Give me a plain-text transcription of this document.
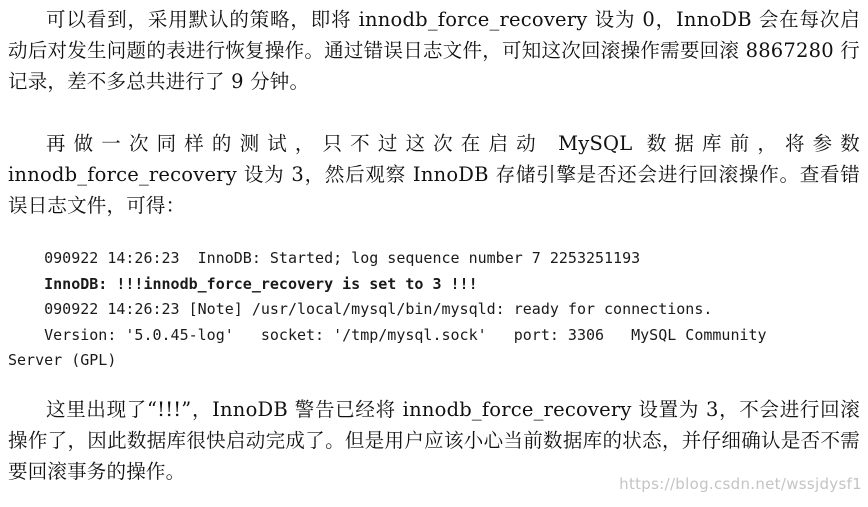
可以看到，采用默认的策略，即将 innodb_force_recovery 设为 0，InnoDB 会在每次启动后对发生问题的表进行恢复操作。通过错误日志文件，可知这次回滚操作需要回滚 8867280 行记录，差不多总共进行了 9 分钟。

再做一次同样的测试，只不过这次在启动 MySQL 数据库前，将参数 innodb_force_recovery 设为 3，然后观察 InnoDB 存储引擎是否还会进行回滚操作。查看错误日志文件，可得：

090922 14:26:23  InnoDB: Started; log sequence number 7 2253251193
InnoDB: !!!innodb_force_recovery is set to 3 !!!
090922 14:26:23 [Note] /usr/local/mysql/bin/mysqld: ready for connections.
Version: '5.0.45-log'   socket: '/tmp/mysql.sock'   port: 3306   MySQL Community
Server (GPL)

这里出现了“!!!”，InnoDB 警告已经将 innodb_force_recovery 设置为 3，不会进行回滚操作了，因此数据库很快启动完成了。但是用户应该小心当前数据库的状态，并仔细确认是否不需要回滚事务的操作。

https://blog.csdn.net/wssjdysf1
